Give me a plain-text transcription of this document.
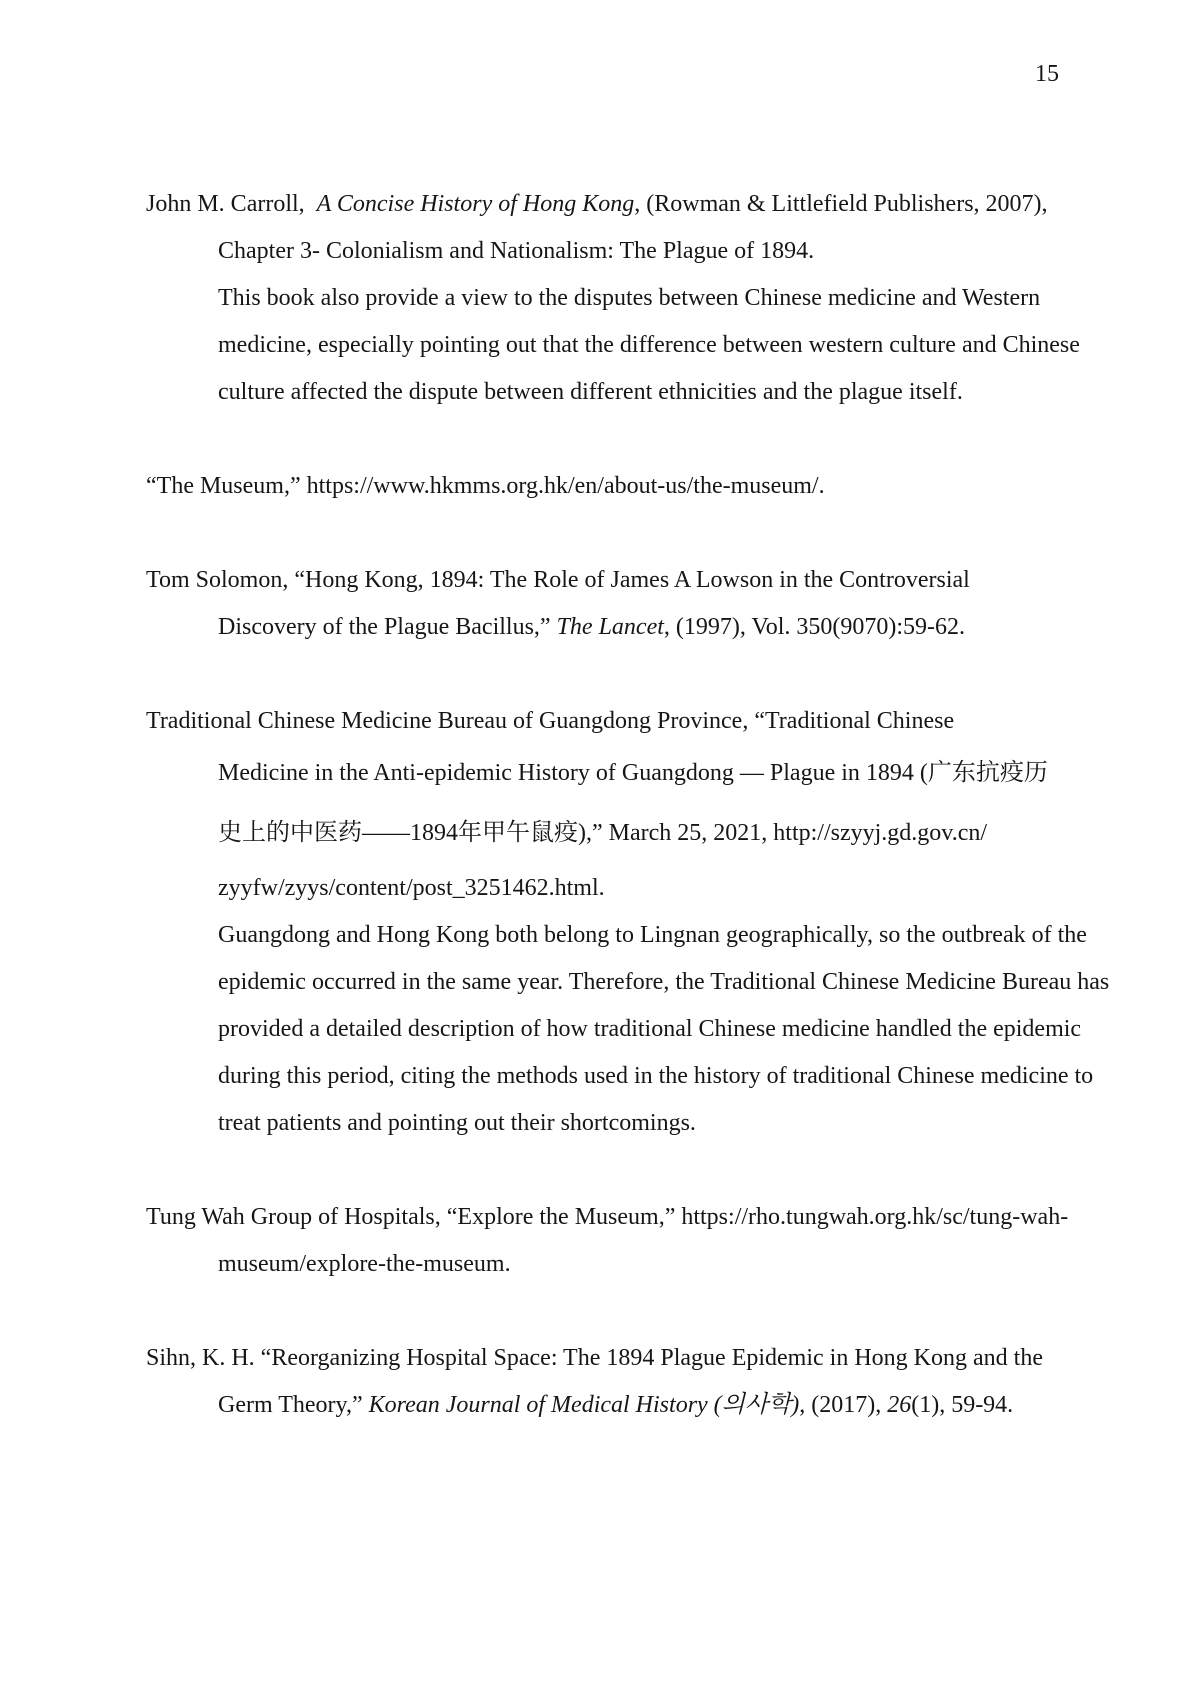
15
John M. Carroll,  A Concise History of Hong Kong, (Rowman & Littlefield Publishers, 2007),
Chapter 3- Colonialism and Nationalism: The Plague of 1894.
This book also provide a view to the disputes between Chinese medicine and Western
medicine, especially pointing out that the difference between western culture and Chinese
culture affected the dispute between different ethnicities and the plague itself.
“The Museum,” https://www.hkmms.org.hk/en/about-us/the-museum/.
Tom Solomon, “Hong Kong, 1894: The Role of James A Lowson in the Controversial
Discovery of the Plague Bacillus,” The Lancet, (1997), Vol. 350(9070):59-62.
Traditional Chinese Medicine Bureau of Guangdong Province, “Traditional Chinese
Medicine in the Anti-epidemic History of Guangdong — Plague in 1894 (广东抗疫历
史上的中医药——1894年甲午鼠疫),” March 25, 2021, http://szyyj.gd.gov.cn/
zyyfw/zyys/content/post_3251462.html.
Guangdong and Hong Kong both belong to Lingnan geographically, so the outbreak of the
epidemic occurred in the same year. Therefore, the Traditional Chinese Medicine Bureau has
provided a detailed description of how traditional Chinese medicine handled the epidemic
during this period, citing the methods used in the history of traditional Chinese medicine to
treat patients and pointing out their shortcomings.
Tung Wah Group of Hospitals, “Explore the Museum,” https://rho.tungwah.org.hk/sc/tung-wah-
museum/explore-the-museum.
Sihn, K. H. “Reorganizing Hospital Space: The 1894 Plague Epidemic in Hong Kong and the
Germ Theory,” Korean Journal of Medical History (의사학), (2017), 26(1), 59-94.
